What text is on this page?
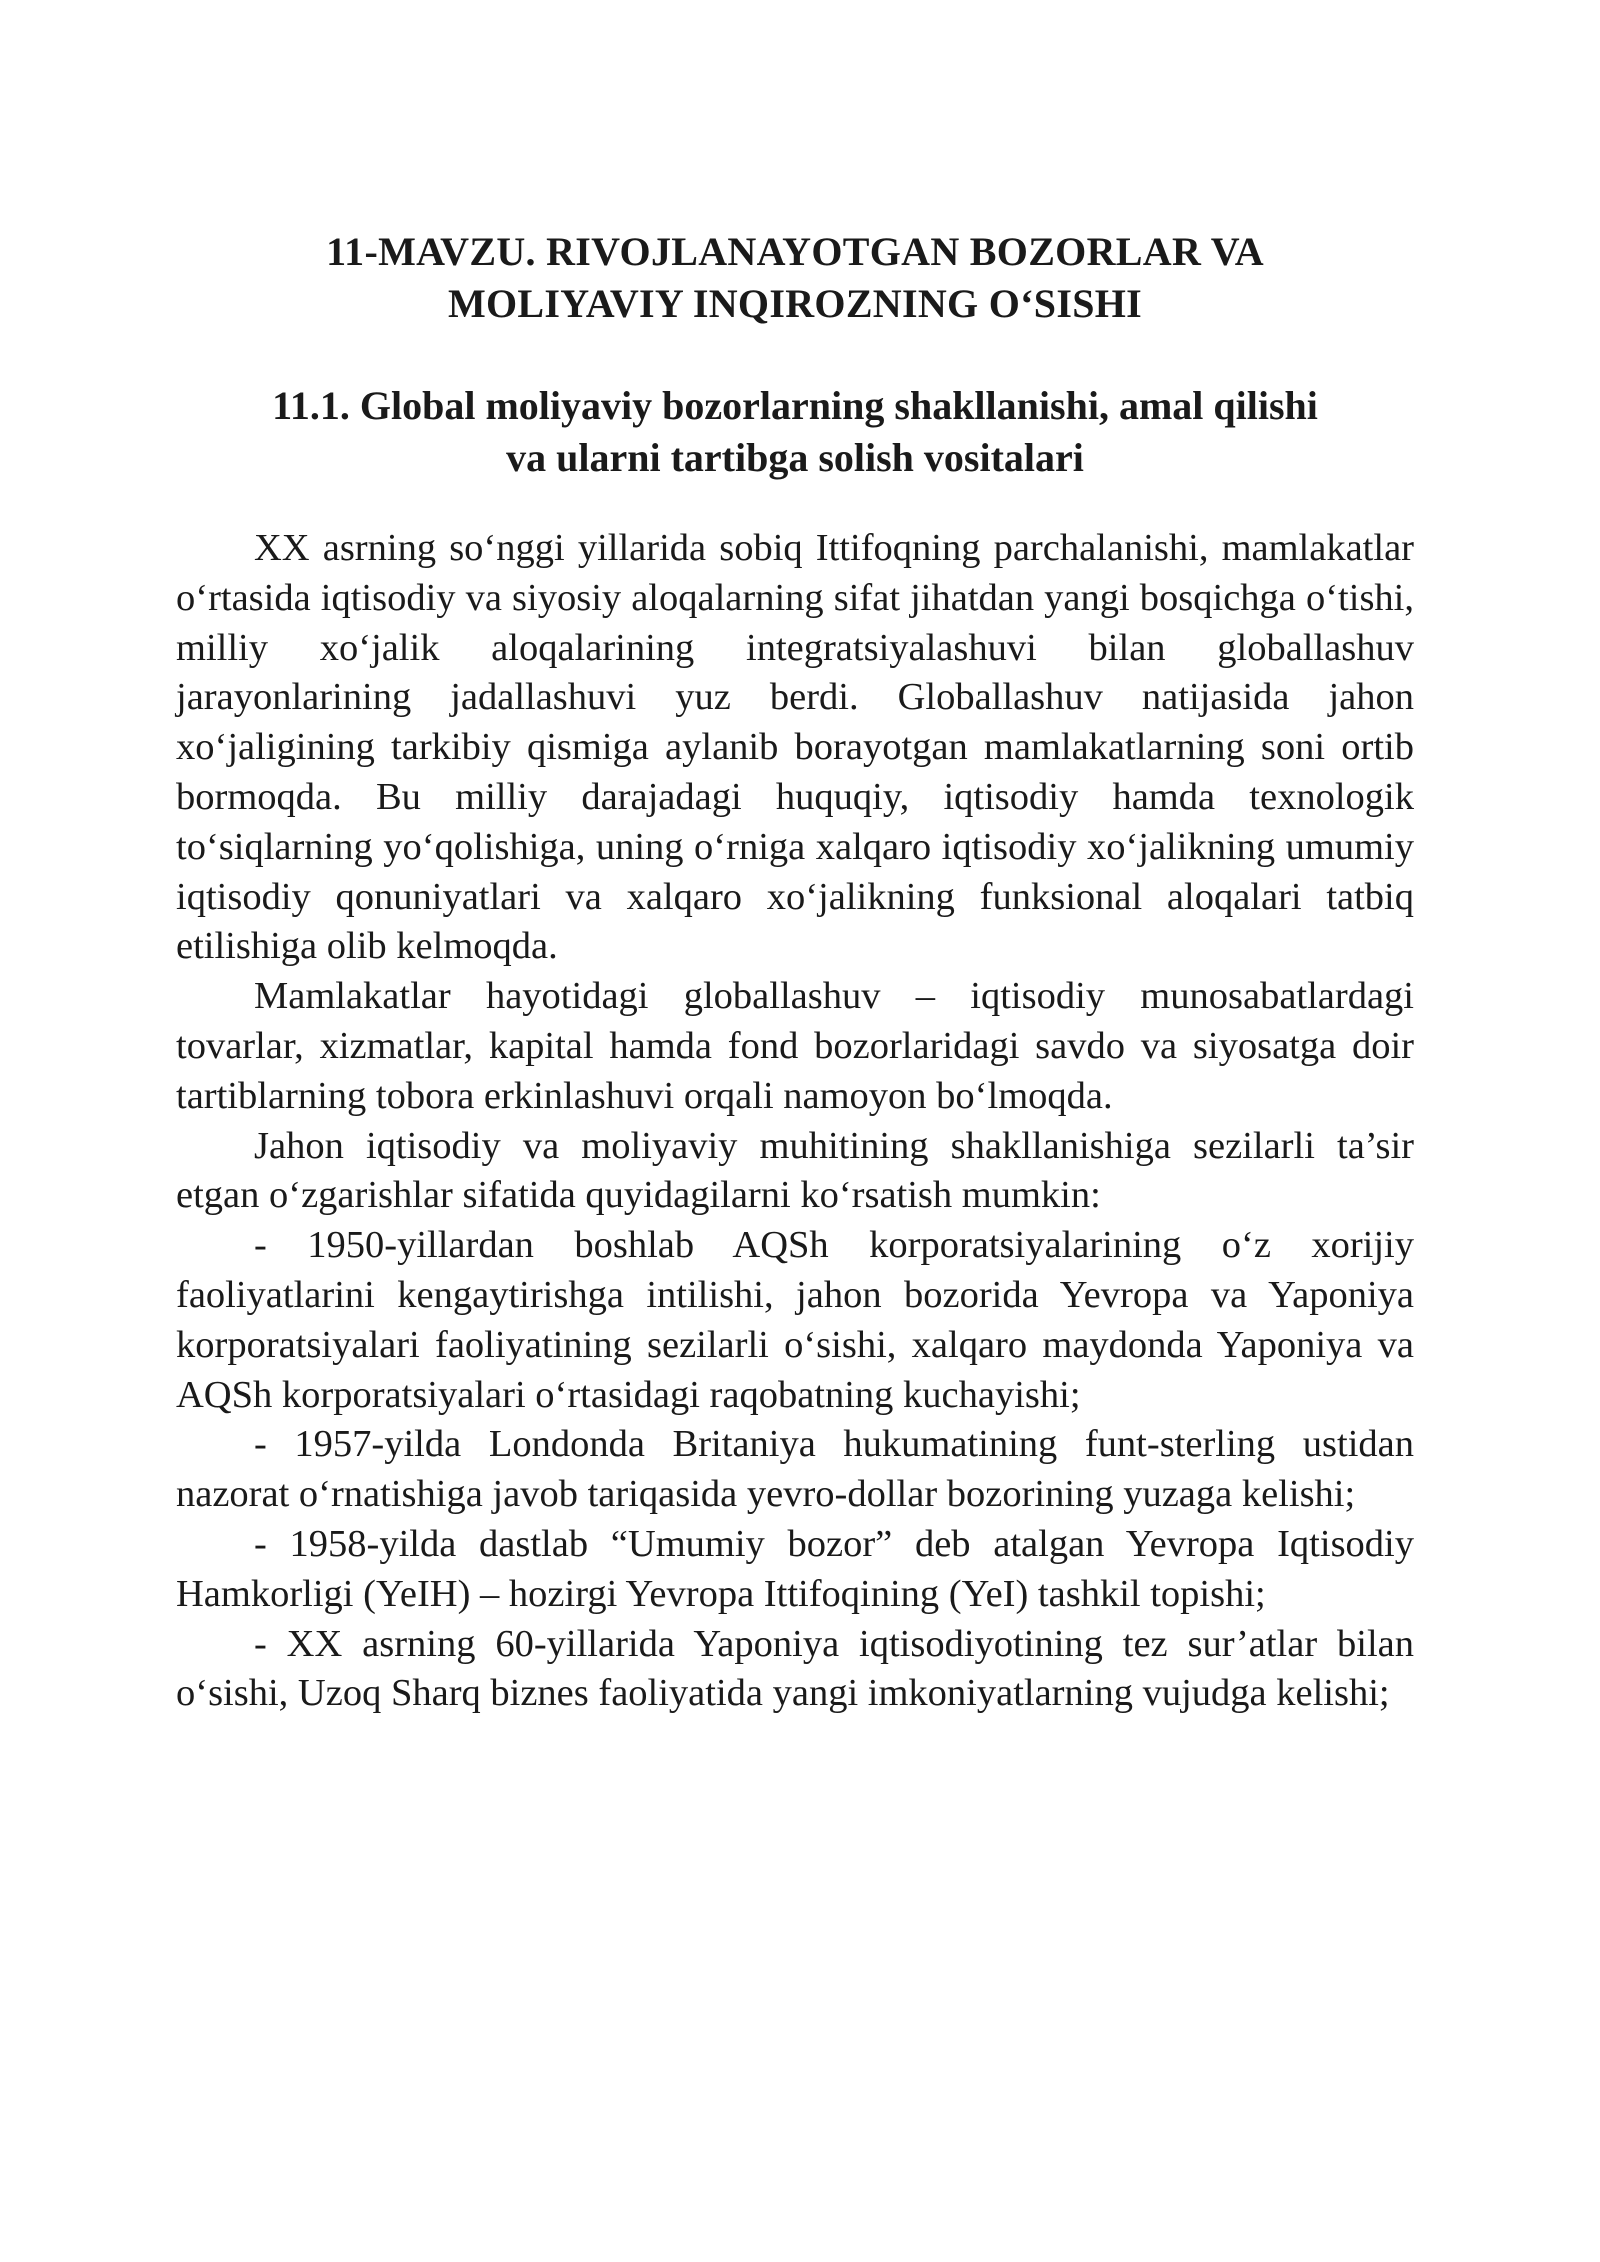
11-MAVZU. RIVOJLANAYOTGAN BOZORLAR VA
MOLIYAVIY INQIROZNING O‘SISHI
11.1. Global moliyaviy bozorlarning shakllanishi, amal qilishi
va ularni tartibga solish vositalari

XX asrning so‘nggi yillarida sobiq Ittifoqning parchalanishi, mamlakatlar o‘rtasida iqtisodiy va siyosiy aloqalarning sifat jihatdan yangi bosqichga o‘tishi, milliy xo‘jalik aloqalarining integratsiyalashuvi bilan globallashuv jarayonlarining jadallashuvi yuz berdi. Globallashuv natijasida jahon xo‘jaligining tarkibiy qismiga aylanib borayotgan mamlakatlarning soni ortib bormoqda. Bu milliy darajadagi huquqiy, iqtisodiy hamda texnologik to‘siqlarning yo‘qolishiga, uning o‘rniga xalqaro iqtisodiy xo‘jalikning umumiy iqtisodiy qonuniyatlari va xalqaro xo‘jalikning funksional aloqalari tatbiq etilishiga olib kelmoqda.

Mamlakatlar hayotidagi globallashuv – iqtisodiy munosabatlardagi tovarlar, xizmatlar, kapital hamda fond bozorlaridagi savdo va siyosatga doir tartiblarning tobora erkinlashuvi orqali namoyon bo‘lmoqda.

Jahon iqtisodiy va moliyaviy muhitining shakllanishiga sezilarli ta’sir etgan o‘zgarishlar sifatida quyidagilarni ko‘rsatish mumkin:

- 1950-yillardan boshlab AQSh korporatsiyalarining o‘z xorijiy faoliyatlarini kengaytirishga intilishi, jahon bozorida Yevropa va Yaponiya korporatsiyalari faoliyatining sezilarli o‘sishi, xalqaro maydonda Yaponiya va AQSh korporatsiyalari o‘rtasidagi raqobatning kuchayishi;

- 1957-yilda Londonda Britaniya hukumatining funt-sterling ustidan nazorat o‘rnatishiga javob tariqasida yevro-dollar bozorining yuzaga kelishi;

- 1958-yilda dastlab “Umumiy bozor” deb atalgan Yevropa Iqtisodiy Hamkorligi (YeIH) – hozirgi Yevropa Ittifoqining (YeI) tashkil topishi;

- XX asrning 60-yillarida Yaponiya iqtisodiyotining tez sur’atlar bilan o‘sishi, Uzoq Sharq biznes faoliyatida yangi imkoniyatlarning vujudga kelishi;
